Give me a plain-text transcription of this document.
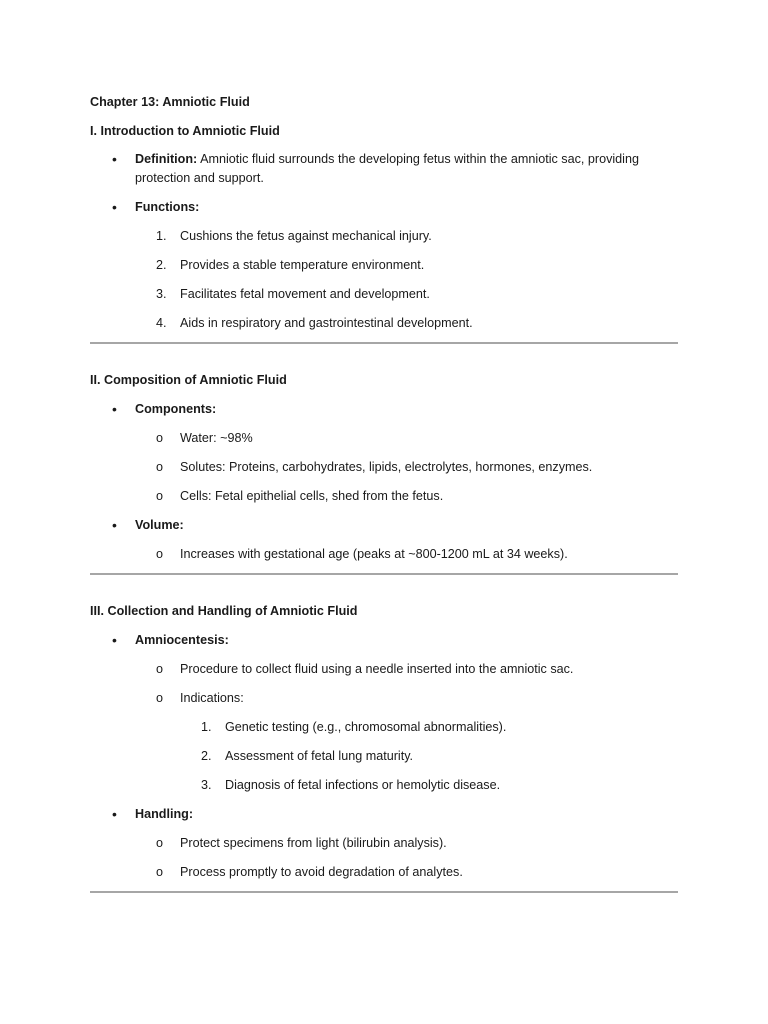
Chapter 13: Amniotic Fluid
I. Introduction to Amniotic Fluid
• Definition: Amniotic fluid surrounds the developing fetus within the amniotic sac, providing protection and support.
• Functions:
1. Cushions the fetus against mechanical injury.
2. Provides a stable temperature environment.
3. Facilitates fetal movement and development.
4. Aids in respiratory and gastrointestinal development.
II. Composition of Amniotic Fluid
• Components:
o Water: ~98%
o Solutes: Proteins, carbohydrates, lipids, electrolytes, hormones, enzymes.
o Cells: Fetal epithelial cells, shed from the fetus.
• Volume:
o Increases with gestational age (peaks at ~800-1200 mL at 34 weeks).
III. Collection and Handling of Amniotic Fluid
• Amniocentesis:
o Procedure to collect fluid using a needle inserted into the amniotic sac.
o Indications:
1. Genetic testing (e.g., chromosomal abnormalities).
2. Assessment of fetal lung maturity.
3. Diagnosis of fetal infections or hemolytic disease.
• Handling:
o Protect specimens from light (bilirubin analysis).
o Process promptly to avoid degradation of analytes.
